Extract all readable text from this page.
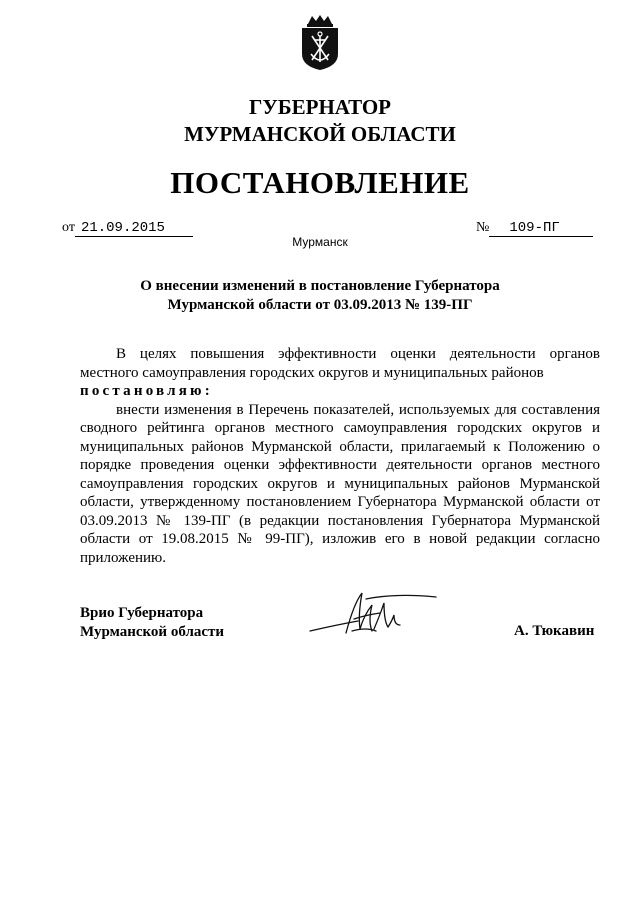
ГУБЕРНАТОР
МУРМАНСКОЙ ОБЛАСТИ
ПОСТАНОВЛЕНИЕ
от 21.09.2015	№ 109-ПГ
Мурманск
О внесении изменений в постановление Губернатора
Мурманской области от 03.09.2013 № 139-ПГ

В целях повышения эффективности оценки деятельности органов местного самоуправления городских округов и муниципальных районов

постановляю:

внести изменения в Перечень показателей, используемых для составления сводного рейтинга органов местного самоуправления городских округов и муниципальных районов Мурманской области, прилагаемый к Положению о порядке проведения оценки эффективности деятельности органов местного самоуправления городских округов и муниципальных районов Мурманской области, утвержденному постановлением Губернатора Мурманской области от 03.09.2013 № 139-ПГ (в редакции постановления Губернатора Мурманской области от 19.08.2015 № 99-ПГ), изложив его в новой редакции согласно приложению.

Врио Губернатора
Мурманской области	А. Тюкавин
